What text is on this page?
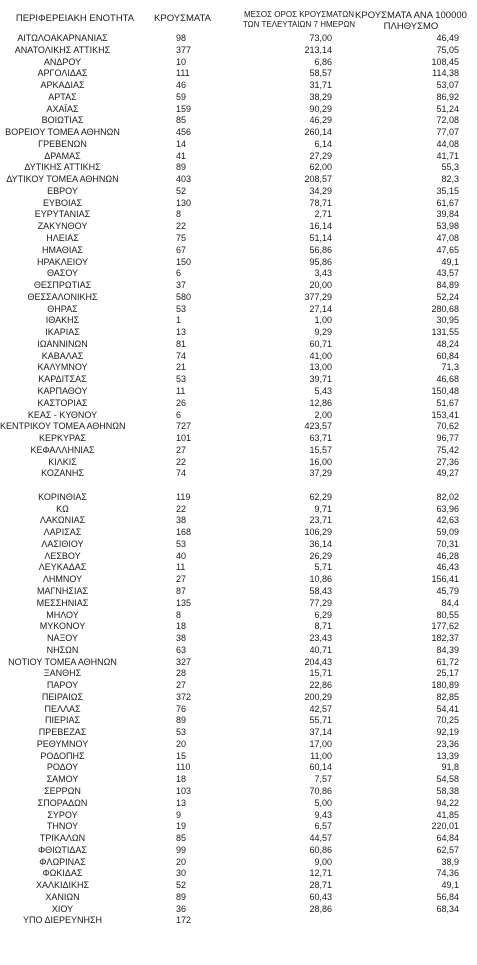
ΠΕΡΙΦΕΡΕΙΑΚΗ ΕΝΟΤΗΤΑ	ΚΡΟΥΣΜΑΤΑ	ΜΕΣΟΣ ΟΡΟΣ ΚΡΟΥΣΜΑΤΩΝ
ΤΩΝ ΤΕΛΕΥΤΑΙΩΝ 7 ΗΜΕΡΩΝ
ΚΡΟΥΣΜΑΤΑ ΑΝΑ 100000
ΠΛΗΘΥΣΜΟ
ΑΙΤΩΛΟΑΚΑΡΝΑΝΙΑΣ	98	73,00	46,49
ΑΝΑΤΟΛΙΚΗΣ ΑΤΤΙΚΗΣ	377	213,14	75,05
ΑΝΔΡΟΥ	10	6,86	108,45
ΑΡΓΟΛΙΔΑΣ	111	58,57	114,38
ΑΡΚΑΔΙΑΣ	46	31,71	53,07
ΑΡΤΑΣ	59	38,29	86,92
ΑΧΑΪΑΣ	159	90,29	51,24
ΒΟΙΩΤΙΑΣ	85	46,29	72,08
ΒΟΡΕΙΟΥ ΤΟΜΕΑ ΑΘΗΝΩΝ	456	260,14	77,07
ΓΡΕΒΕΝΩΝ	14	6,14	44,08
ΔΡΑΜΑΣ	41	27,29	41,71
ΔΥΤΙΚΗΣ ΑΤΤΙΚΗΣ	89	62,00	55,3
ΔΥΤΙΚΟΥ ΤΟΜΕΑ ΑΘΗΝΩΝ	403	208,57	82,3
ΕΒΡΟΥ	52	34,29	35,15
ΕΥΒΟΙΑΣ	130	78,71	61,67
ΕΥΡΥΤΑΝΙΑΣ	8	2,71	39,84
ΖΑΚΥΝΘΟΥ	22	16,14	53,98
ΗΛΕΙΑΣ	75	51,14	47,08
ΗΜΑΘΙΑΣ	67	56,86	47,65
ΗΡΑΚΛΕΙΟΥ	150	95,86	49,1
ΘΑΣΟΥ	6	3,43	43,57
ΘΕΣΠΡΩΤΙΑΣ	37	20,00	84,89
ΘΕΣΣΑΛΟΝΙΚΗΣ	580	377,29	52,24
ΘΗΡΑΣ	53	27,14	280,68
ΙΘΑΚΗΣ	1	1,00	30,95
ΙΚΑΡΙΑΣ	13	9,29	131,55
ΙΩΑΝΝΙΝΩΝ	81	60,71	48,24
ΚΑΒΑΛΑΣ	74	41,00	60,84
ΚΑΛΥΜΝΟΥ	21	13,00	71,3
ΚΑΡΔΙΤΣΑΣ	53	39,71	46,68
ΚΑΡΠΑΘΟΥ	11	5,43	150,48
ΚΑΣΤΟΡΙΑΣ	26	12,86	51,67
ΚΕΑΣ - ΚΥΘΝΟΥ	6	2,00	153,41
ΚΕΝΤΡΙΚΟΥ ΤΟΜΕΑ ΑΘΗΝΩΝ	727	423,57	70,62
ΚΕΡΚΥΡΑΣ	101	63,71	96,77
ΚΕΦΑΛΛΗΝΙΑΣ	27	15,57	75,42
ΚΙΛΚΙΣ	22	16,00	27,36
ΚΟΖΑΝΗΣ	74	37,29	49,27
ΚΟΡΙΝΘΙΑΣ	119	62,29	82,02
ΚΩ	22	9,71	63,96
ΛΑΚΩΝΙΑΣ	38	23,71	42,63
ΛΑΡΙΣΑΣ	168	106,29	59,09
ΛΑΣΙΘΙΟΥ	53	36,14	70,31
ΛΕΣΒΟΥ	40	26,29	46,28
ΛΕΥΚΑΔΑΣ	11	5,71	46,43
ΛΗΜΝΟΥ	27	10,86	156,41
ΜΑΓΝΗΣΙΑΣ	87	58,43	45,79
ΜΕΣΣΗΝΙΑΣ	135	77,29	84,4
ΜΗΛΟΥ	8	6,29	80,55
ΜΥΚΟΝΟΥ	18	8,71	177,62
ΝΑΞΟΥ	38	23,43	182,37
ΝΗΣΩΝ	63	40,71	84,39
ΝΟΤΙΟΥ ΤΟΜΕΑ ΑΘΗΝΩΝ	327	204,43	61,72
ΞΑΝΘΗΣ	28	15,71	25,17
ΠΑΡΟΥ	27	22,86	180,89
ΠΕΙΡΑΙΩΣ	372	200,29	82,85
ΠΕΛΛΑΣ	76	42,57	54,41
ΠΙΕΡΙΑΣ	89	55,71	70,25
ΠΡΕΒΕΖΑΣ	53	37,14	92,19
ΡΕΘΥΜΝΟΥ	20	17,00	23,36
ΡΟΔΟΠΗΣ	15	11,00	13,39
ΡΟΔΟΥ	110	60,14	91,8
ΣΑΜΟΥ	18	7,57	54,58
ΣΕΡΡΩΝ	103	70,86	58,38
ΣΠΟΡΑΔΩΝ	13	5,00	94,22
ΣΥΡΟΥ	9	9,43	41,85
ΤΗΝΟΥ	19	6,57	220,01
ΤΡΙΚΑΛΩΝ	85	44,57	64,84
ΦΘΙΩΤΙΔΑΣ	99	60,86	62,57
ΦΛΩΡΙΝΑΣ	20	9,00	38,9
ΦΩΚΙΔΑΣ	30	12,71	74,36
ΧΑΛΚΙΔΙΚΗΣ	52	28,71	49,1
ΧΑΝΙΩΝ	89	60,43	56,84
ΧΙΟΥ	36	28,86	68,34
ΥΠΟ ΔΙΕΡΕΥΝΗΣΗ	172
